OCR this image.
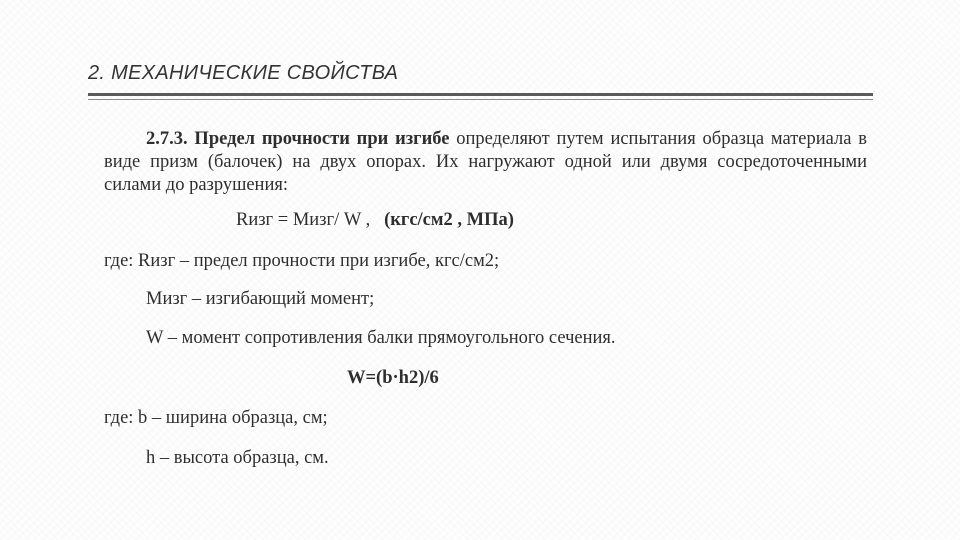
2. МЕХАНИЧЕСКИЕ СВОЙСТВА
2.7.3. Предел прочности при изгибе определяют путем испытания образца материала в виде призм (балочек) на двух опорах. Их нагружают одной или двумя сосредоточенными силами до разрушения:
Rизг = Мизг/ W , (кгс/см2 , МПа)
где: Rизг – предел прочности при изгибе, кгс/см2;
Мизг – изгибающий момент;
W – момент сопротивления балки прямоугольного сечения.
W=(b·h2)/6
где: b – ширина образца, см;
h – высота образца, см.
